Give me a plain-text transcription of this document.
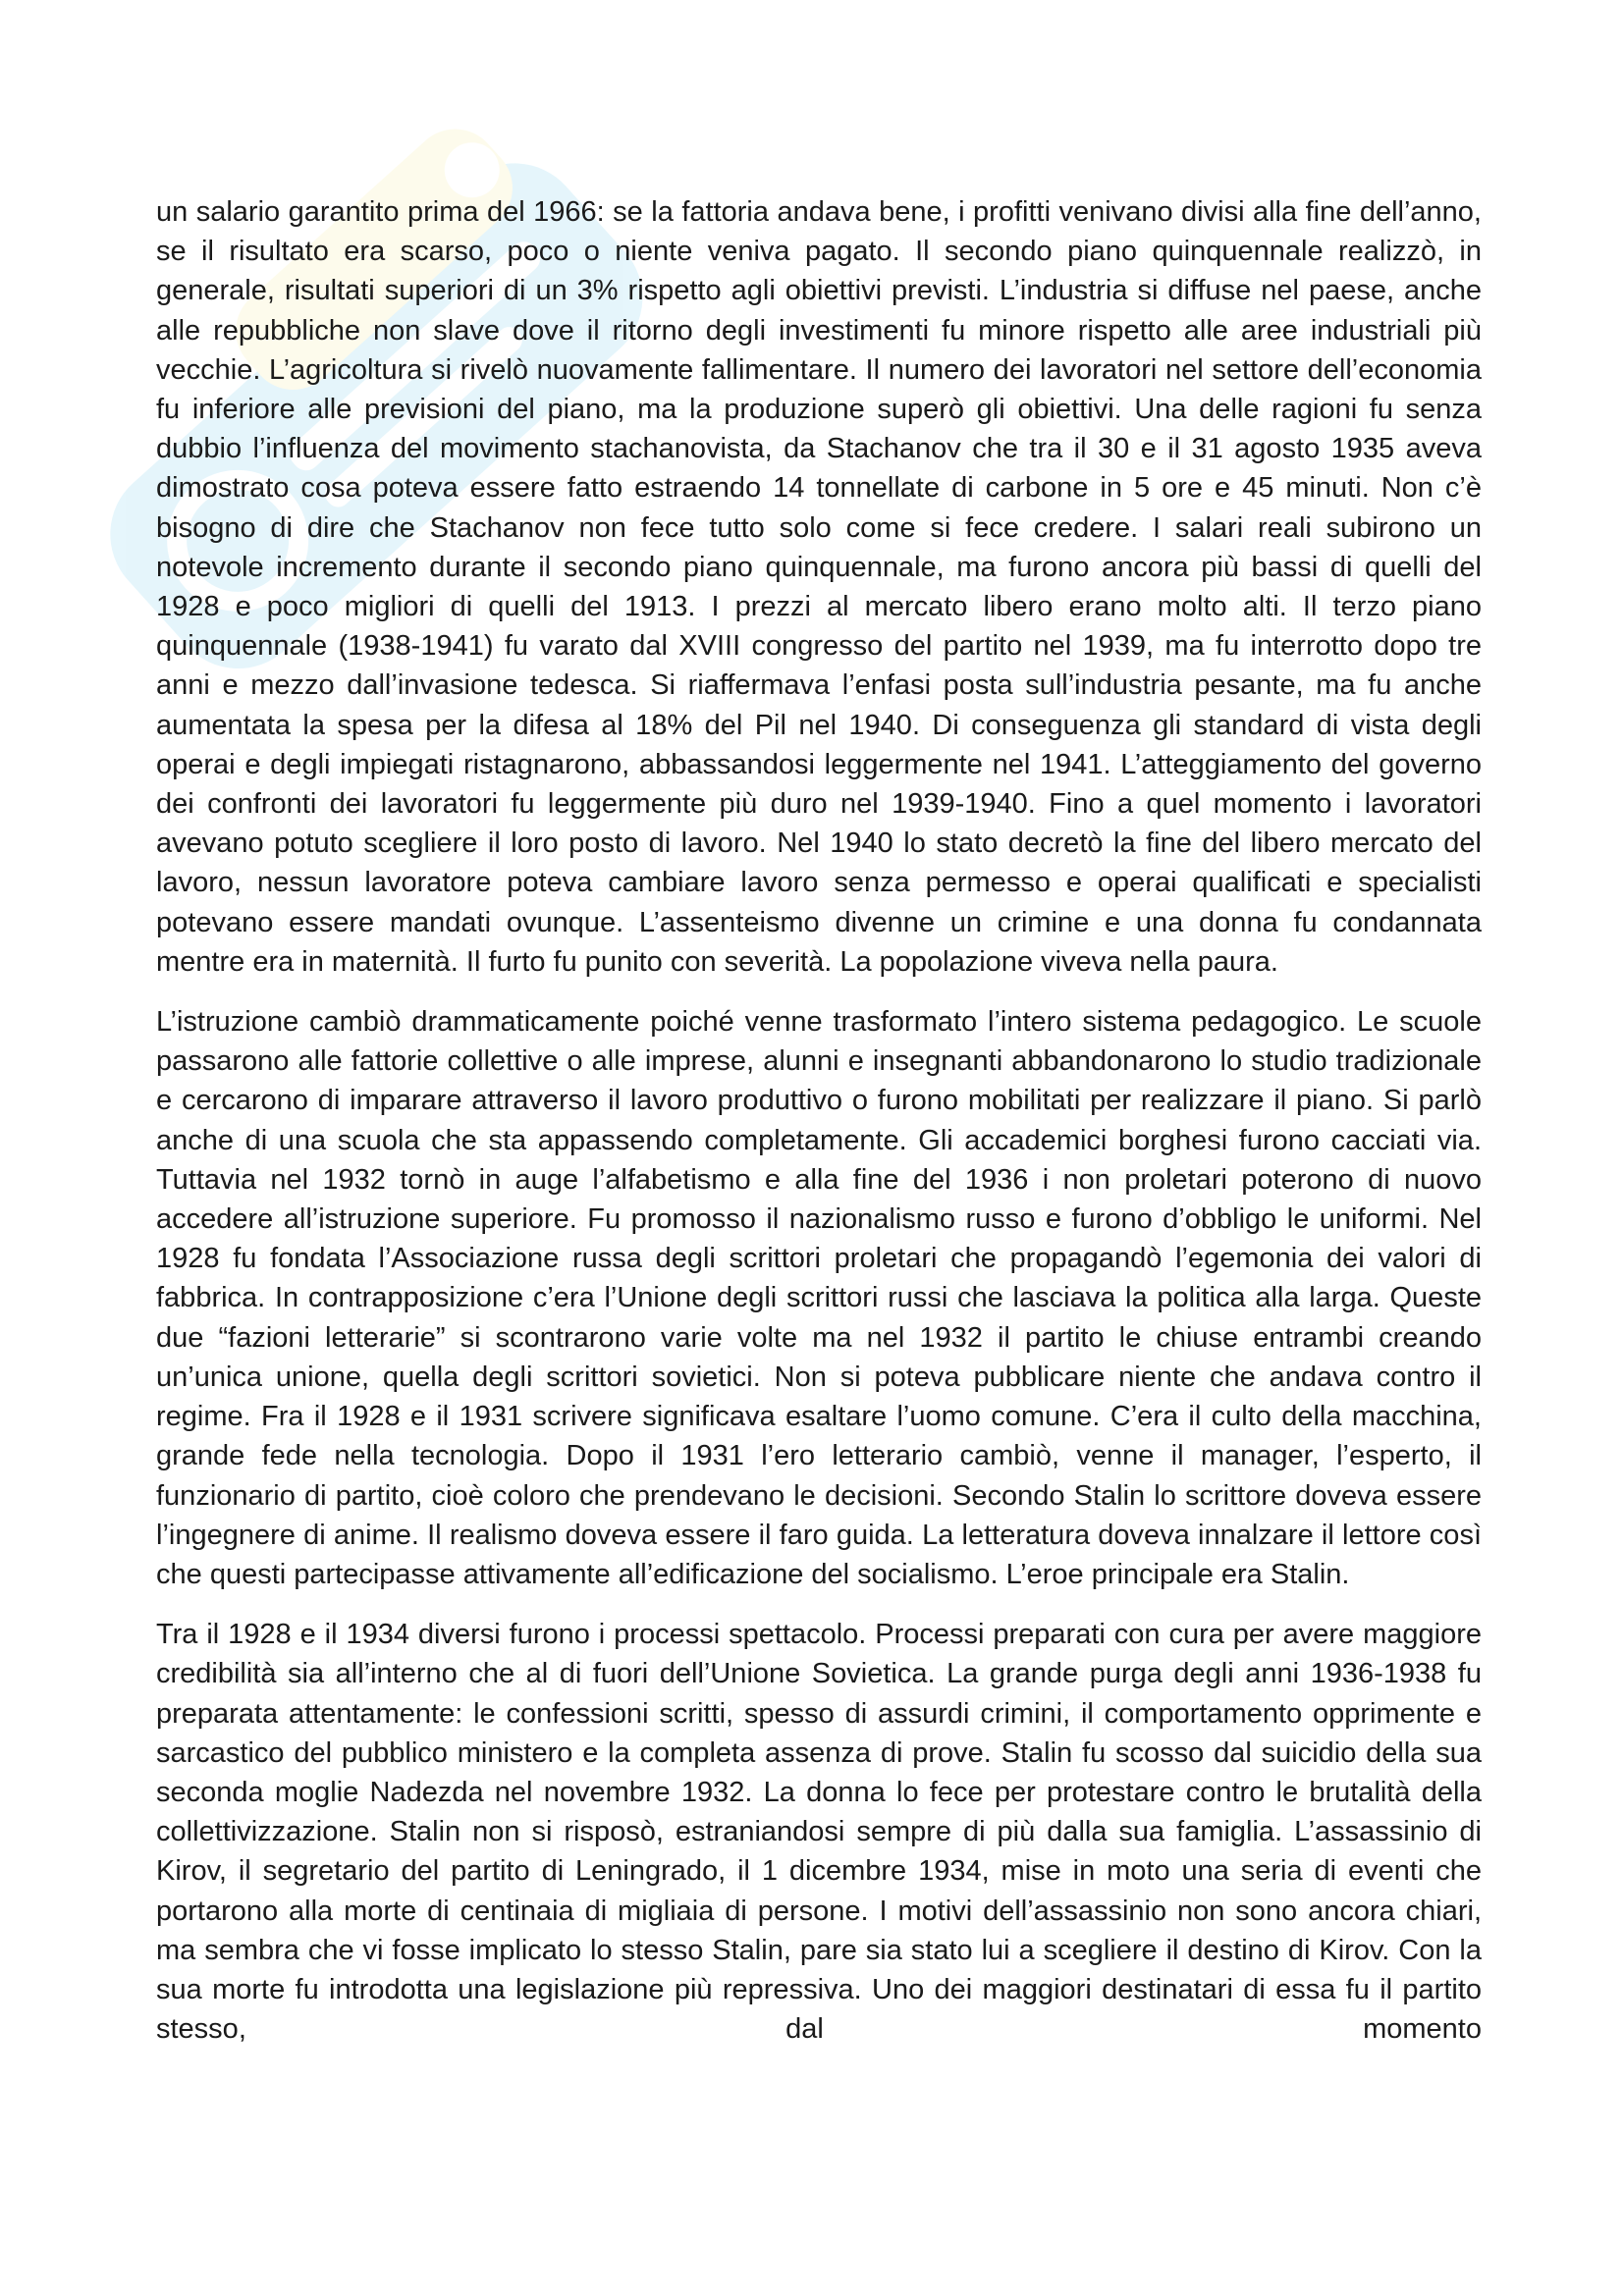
un salario garantito prima del 1966: se la fattoria andava bene, i profitti venivano divisi alla fine dell’anno, se il risultato era scarso, poco o niente veniva pagato. Il secondo piano quinquennale realizzò, in generale, risultati superiori di un 3% rispetto agli obiettivi previsti. L’industria si diffuse nel paese, anche alle repubbliche non slave dove il ritorno degli investimenti fu minore rispetto alle aree industriali più vecchie. L’agricoltura si rivelò nuovamente fallimentare. Il numero dei lavoratori nel settore dell’economia fu inferiore alle previsioni del piano, ma la produzione superò gli obiettivi. Una delle ragioni fu senza dubbio l’influenza del movimento stachanovista, da Stachanov che tra il 30 e il 31 agosto 1935 aveva dimostrato cosa poteva essere fatto estraendo 14 tonnellate di carbone in 5 ore e 45 minuti. Non c’è bisogno di dire che Stachanov non fece tutto solo come si fece credere. I salari reali subirono un notevole incremento durante il secondo piano quinquennale, ma furono ancora più bassi di quelli del 1928 e poco migliori di quelli del 1913. I prezzi al mercato libero erano molto alti. Il terzo piano quinquennale (1938-1941) fu varato dal XVIII congresso del partito nel 1939, ma fu interrotto dopo tre anni e mezzo dall’invasione tedesca. Si riaffermava l’enfasi posta sull’industria pesante, ma fu anche aumentata la spesa per la difesa al 18% del Pil nel 1940. Di conseguenza gli standard di vista degli operai e degli impiegati ristagnarono, abbassandosi leggermente nel 1941. L’atteggiamento del governo dei confronti dei lavoratori fu leggermente più duro nel 1939-1940. Fino a quel momento i lavoratori avevano potuto scegliere il loro posto di lavoro. Nel 1940 lo stato decretò la fine del libero mercato del lavoro, nessun lavoratore poteva cambiare lavoro senza permesso e operai qualificati e specialisti potevano essere mandati ovunque. L’assenteismo divenne un crimine e una donna fu condannata mentre era in maternità. Il furto fu punito con severità. La popolazione viveva nella paura.

L’istruzione cambiò drammaticamente poiché venne trasformato l’intero sistema pedagogico. Le scuole passarono alle fattorie collettive o alle imprese, alunni e insegnanti abbandonarono lo studio tradizionale e cercarono di imparare attraverso il lavoro produttivo o furono mobilitati per realizzare il piano. Si parlò anche di una scuola che sta appassendo completamente. Gli accademici borghesi furono cacciati via. Tuttavia nel 1932 tornò in auge l’alfabetismo e alla fine del 1936 i non proletari poterono di nuovo accedere all’istruzione superiore. Fu promosso il nazionalismo russo e furono d’obbligo le uniformi. Nel 1928 fu fondata l’Associazione russa degli scrittori proletari che propagandò l’egemonia dei valori di fabbrica. In contrapposizione c’era l’Unione degli scrittori russi che lasciava la politica alla larga. Queste due “fazioni letterarie” si scontrarono varie volte ma nel 1932 il partito le chiuse entrambi creando un’unica unione, quella degli scrittori sovietici. Non si poteva pubblicare niente che andava contro il regime. Fra il 1928 e il 1931 scrivere significava esaltare l’uomo comune. C’era il culto della macchina, grande fede nella tecnologia. Dopo il 1931 l’ero letterario cambiò, venne il manager, l’esperto, il funzionario di partito, cioè coloro che prendevano le decisioni. Secondo Stalin lo scrittore doveva essere l’ingegnere di anime. Il realismo doveva essere il faro guida. La letteratura doveva innalzare il lettore così che questi partecipasse attivamente all’edificazione del socialismo. L’eroe principale era Stalin.

Tra il 1928 e il 1934 diversi furono i processi spettacolo. Processi preparati con cura per avere maggiore credibilità sia all’interno che al di fuori dell’Unione Sovietica. La grande purga degli anni 1936-1938 fu preparata attentamente: le confessioni scritti, spesso di assurdi crimini, il comportamento opprimente e sarcastico del pubblico ministero e la completa assenza di prove. Stalin fu scosso dal suicidio della sua seconda moglie Nadezda nel novembre 1932. La donna lo fece per protestare contro le brutalità della collettivizzazione. Stalin non si risposò, estraniandosi sempre di più dalla sua famiglia. L’assassinio di Kirov, il segretario del partito di Leningrado, il 1 dicembre 1934, mise in moto una seria di eventi che portarono alla morte di centinaia di migliaia di persone. I motivi dell’assassinio non sono ancora chiari, ma sembra che vi fosse implicato lo stesso Stalin, pare sia stato lui a scegliere il destino di Kirov. Con la sua morte fu introdotta una legislazione più repressiva. Uno dei maggiori destinatari di essa fu il partito stesso, dal momento
